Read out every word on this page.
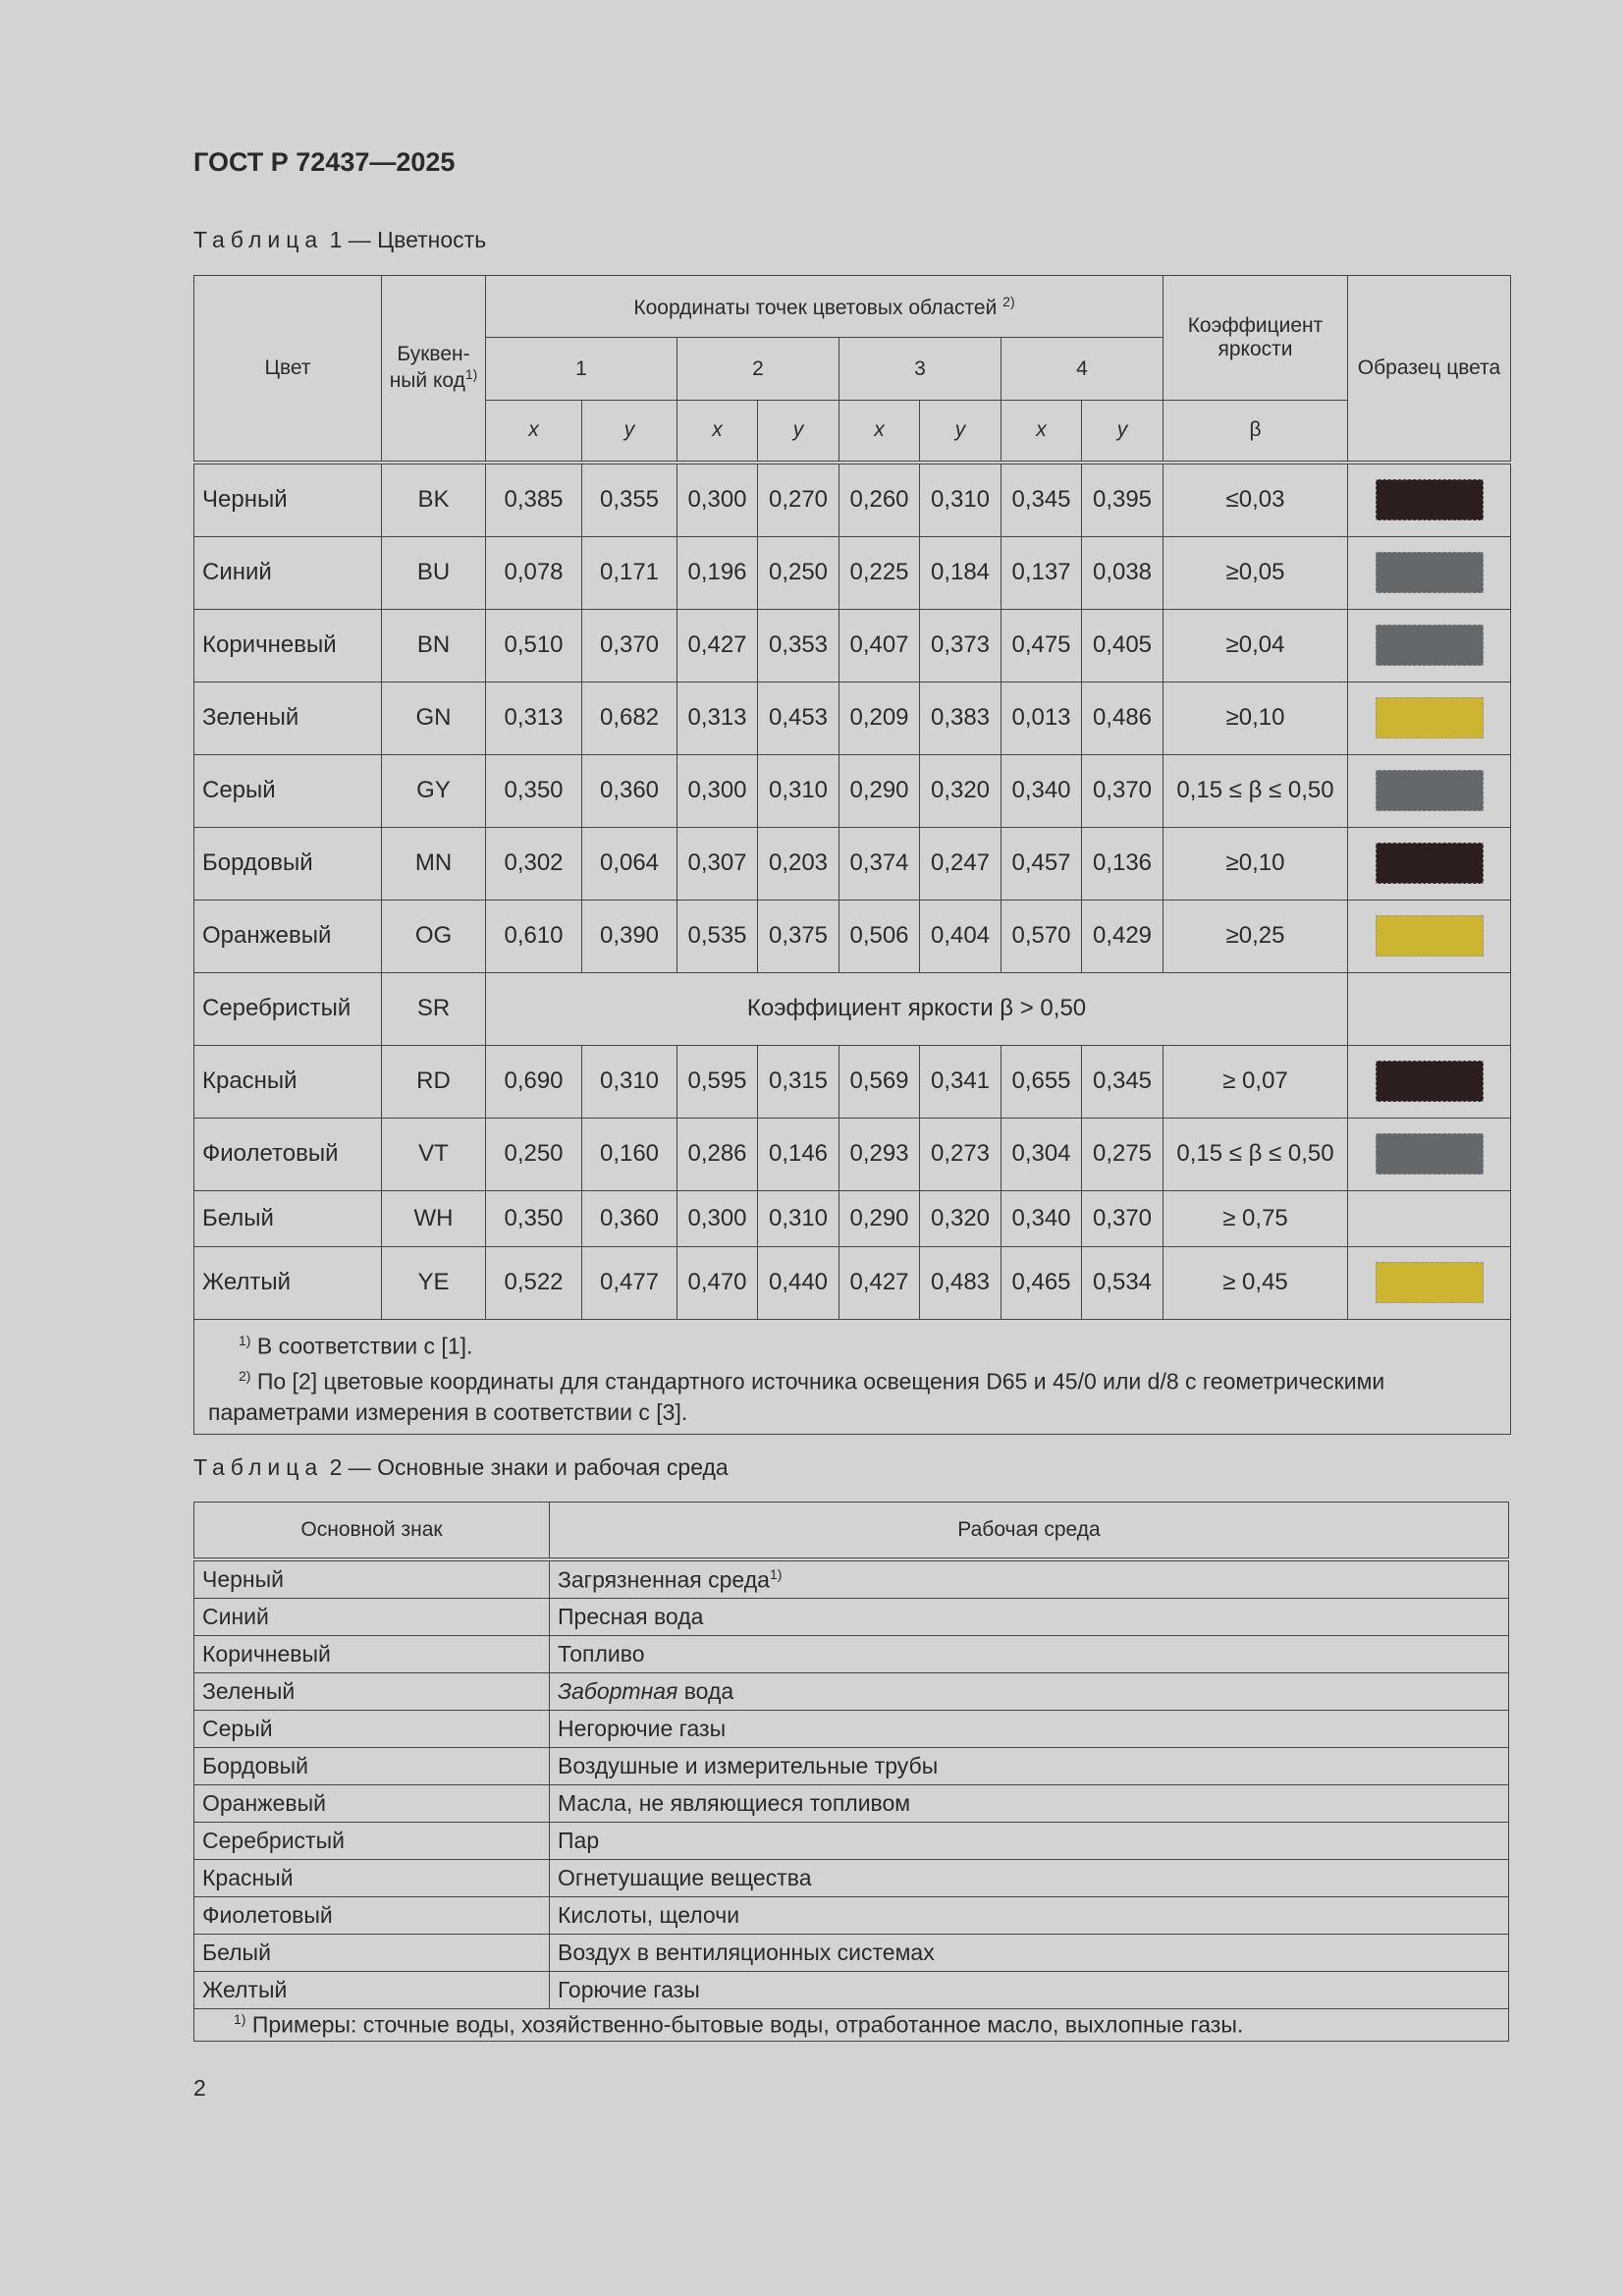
ГОСТ Р 72437—2025
Таблица 1 — Цветность
Цвет	Буквен-ный код$^{1)}$	Координаты точек цветовых областей $^{2)}$								Коэффициент яркости	Образец цвета
		1		2		3		4			
		x	y	x	y	x	y	x	y	β	
Черный	BK	0,385	0,355	0,300	0,270	0,260	0,310	0,345	0,395	≤0,03	

Синий	BU	0,078	0,171	0,196	0,250	0,225	0,184	0,137	0,038	≥0,05	

Коричневый	BN	0,510	0,370	0,427	0,353	0,407	0,373	0,475	0,405	≥0,04	

Зеленый	GN	0,313	0,682	0,313	0,453	0,209	0,383	0,013	0,486	≥0,10	

Серый	GY	0,350	0,360	0,300	0,310	0,290	0,320	0,340	0,370	0,15 ≤ β ≤ 0,50	

Бордовый	MN	0,302	0,064	0,307	0,203	0,374	0,247	0,457	0,136	≥0,10	

Оранжевый	OG	0,610	0,390	0,535	0,375	0,506	0,404	0,570	0,429	≥0,25	

Серебристый	SR	Коэффициент яркости β > 0,50									
Красный	RD	0,690	0,310	0,595	0,315	0,569	0,341	0,655	0,345	≥ 0,07	

Фиолетовый	VT	0,250	0,160	0,286	0,146	0,293	0,273	0,304	0,275	0,15 ≤ β ≤ 0,50	

Белый	WH	0,350	0,360	0,300	0,310	0,290	0,320	0,340	0,370	≥ 0,75	
Желтый	YE	0,522	0,477	0,470	0,440	0,427	0,483	0,465	0,534	≥ 0,45	

$^{1)}$ В соответствии с [1].
$^{2)}$ По [2] цветовые координаты для стандартного источника освещения D65 и 45/0 или d/8 с геометрическими параметрами измерения в соответствии с [3].											
Таблица 2 — Основные знаки и рабочая среда
Основной знак	Рабочая среда
Черный	Загрязненная среда$^{1)}$
Синий	Пресная вода
Коричневый	Топливо
Зеленый	Забортная вода
Серый	Негорючие газы
Бордовый	Воздушные и измерительные трубы
Оранжевый	Масла, не являющиеся топливом
Серебристый	Пар
Красный	Огнетушащие вещества
Фиолетовый	Кислоты, щелочи
Белый	Воздух в вентиляционных системах
Желтый	Горючие газы
$^{1)}$ Примеры: сточные воды, хозяйственно-бытовые воды, отработанное масло, выхлопные газы.	
2
